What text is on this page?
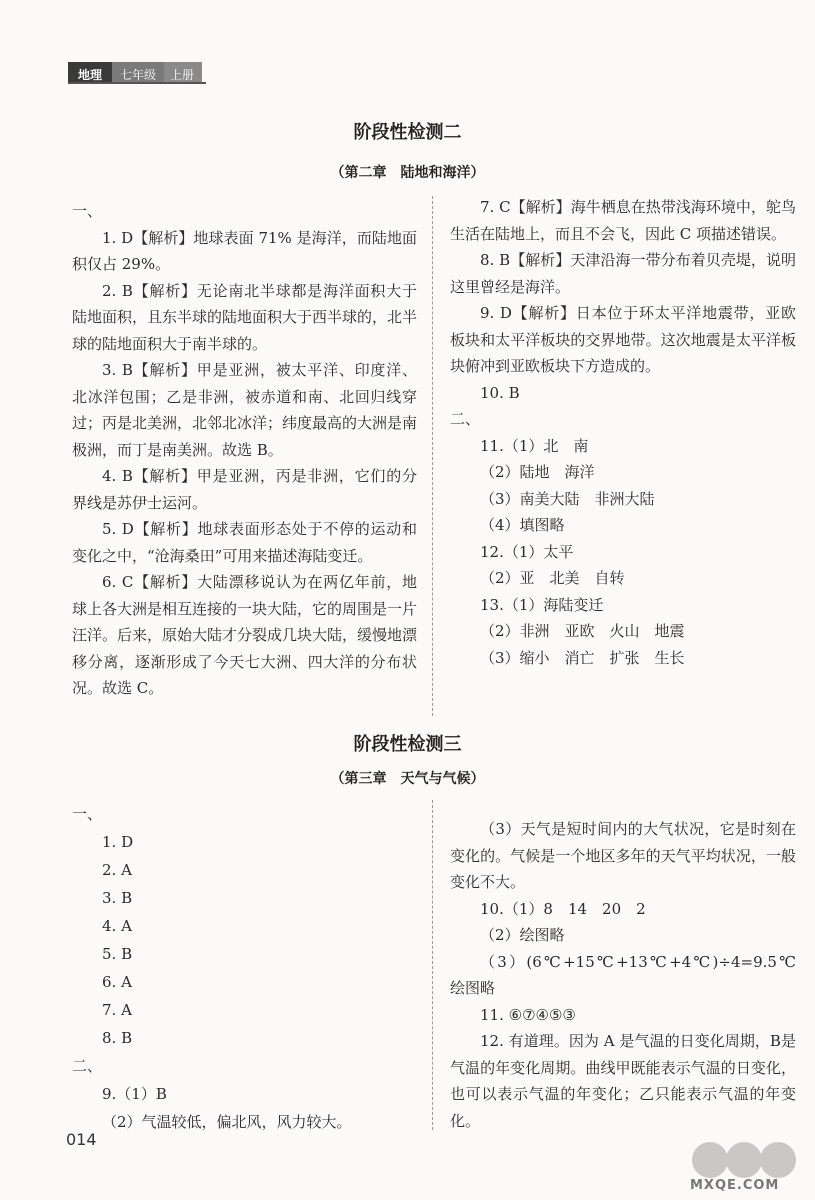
地理	七年级	上册
阶段性检测二
（第二章　陆地和海洋）

一、

1. D【解析】地球表面 71% 是海洋，而陆地面积仅占 29%。

2. B【解析】无论南北半球都是海洋面积大于陆地面积，且东半球的陆地面积大于西半球的，北半球的陆地面积大于南半球的。

3. B【解析】甲是亚洲，被太平洋、印度洋、北冰洋包围；乙是非洲，被赤道和南、北回归线穿过；丙是北美洲，北邻北冰洋；纬度最高的大洲是南极洲，而丁是南美洲。故选 B。

4. B【解析】甲是亚洲，丙是非洲，它们的分界线是苏伊士运河。

5. D【解析】地球表面形态处于不停的运动和变化之中，“沧海桑田”可用来描述海陆变迁。

6. C【解析】大陆漂移说认为在两亿年前，地球上各大洲是相互连接的一块大陆，它的周围是一片汪洋。后来，原始大陆才分裂成几块大陆，缓慢地漂移分离，逐渐形成了今天七大洲、四大洋的分布状况。故选 C。

7. C【解析】海牛栖息在热带浅海环境中，鸵鸟生活在陆地上，而且不会飞，因此 C 项描述错误。

8. B【解析】天津沿海一带分布着贝壳堤，说明这里曾经是海洋。

9. D【解析】日本位于环太平洋地震带，亚欧板块和太平洋板块的交界地带。这次地震是太平洋板块俯冲到亚欧板块下方造成的。

10. B

二、

11.（1）北　南

（2）陆地　海洋

（3）南美大陆　非洲大陆

（4）填图略

12.（1）太平

（2）亚　北美　自转

13.（1）海陆变迁

（2）非洲　亚欧　火山　地震

（3）缩小　消亡　扩张　生长

阶段性检测三
（第三章　天气与气候）

一、

1. D

2. A

3. B

4. A

5. B

6. A

7. A

8. B

二、

9.（1）B

（2）气温较低，偏北风，风力较大。

（3）天气是短时间内的大气状况，它是时刻在变化的。气候是一个地区多年的天气平均状况，一般变化不大。

10.（1）8　14　20　2

（2）绘图略

（3）(6℃+15℃+13℃+4℃)÷4=9.5℃　绘图略

11. ⑥⑦④⑤③

12. 有道理。因为 A 是气温的日变化周期，B是气温的年变化周期。曲线甲既能表示气温的日变化，也可以表示气温的年变化；乙只能表示气温的年变化。

014
MXQE.COM
